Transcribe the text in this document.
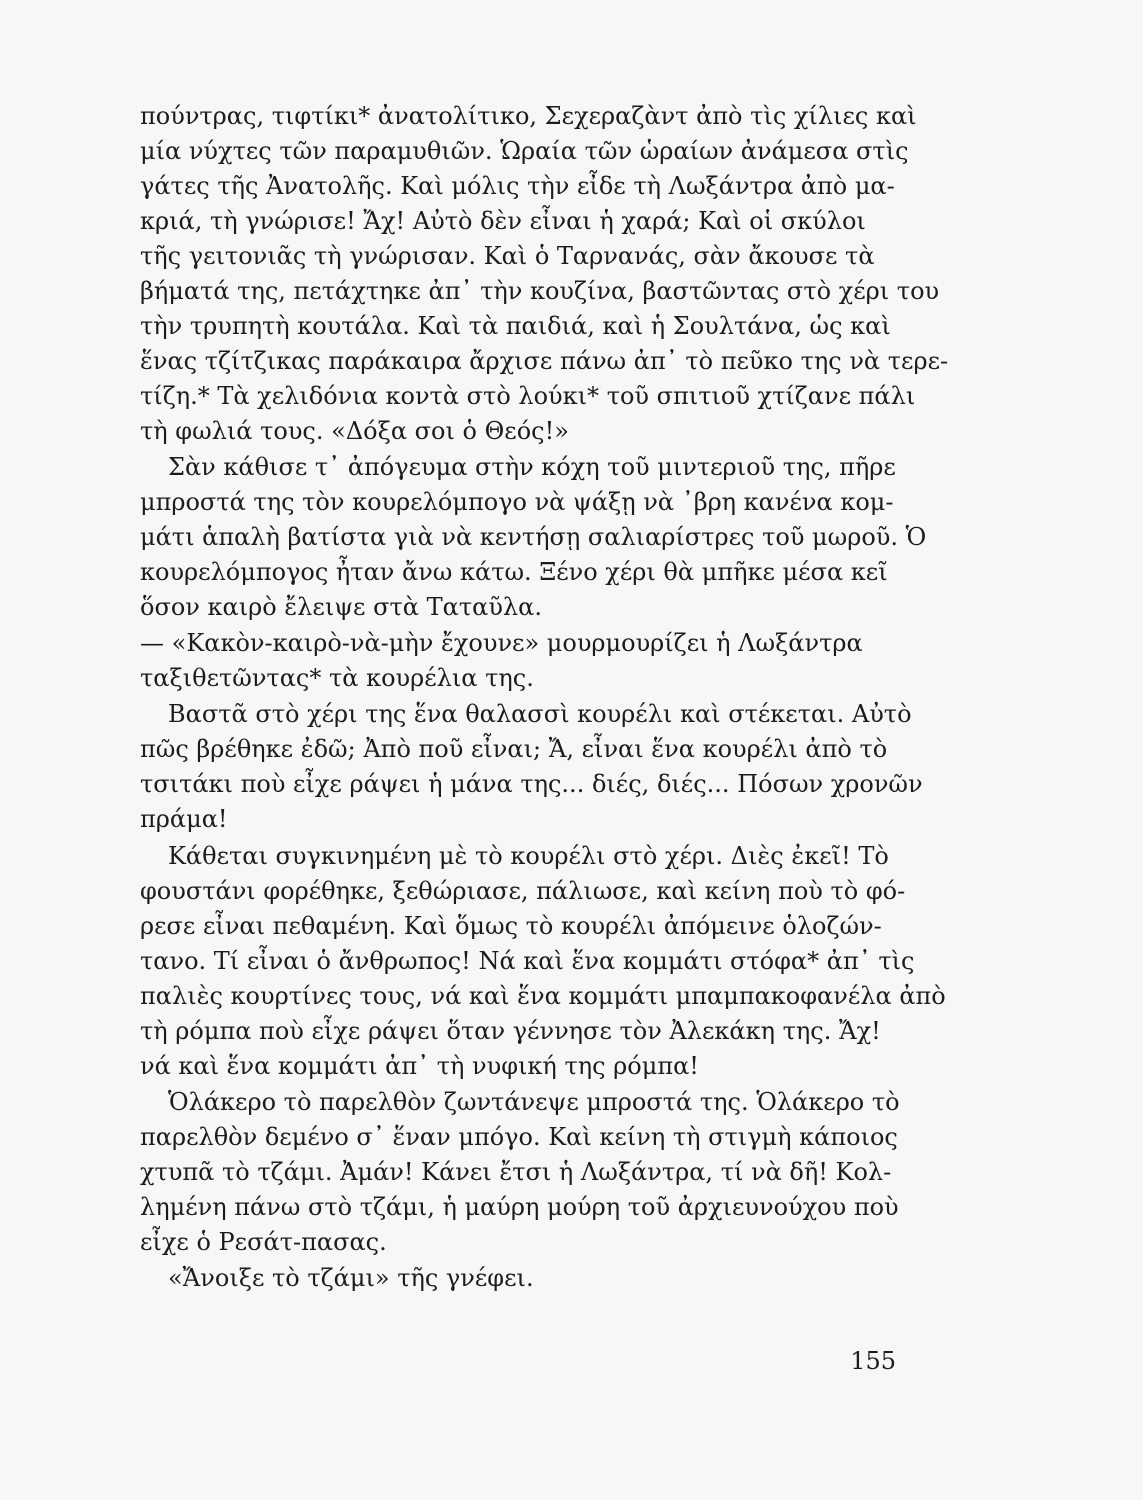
πούντρας, τιφτίκι* ἀνατολίτικο, Σεχεραζὰντ ἀπὸ τὶς χίλιες καὶ
μία νύχτες τῶν παραμυθιῶν. Ὡραία τῶν ὡραίων ἀνάμεσα στὶς
γάτες τῆς Ἀνατολῆς. Καὶ μόλις τὴν εἶδε τὴ Λωξάντρα ἀπὸ μα-
κριά, τὴ γνώρισε! Ἄχ! Αὐτὸ δὲν εἶναι ἡ χαρά; Καὶ οἱ σκύλοι
τῆς γειτονιᾶς τὴ γνώρισαν. Καὶ ὁ Ταρνανάς, σὰν ἄκουσε τὰ
βήματά της, πετάχτηκε ἀπ᾿ τὴν κουζίνα, βαστῶντας στὸ χέρι του
τὴν τρυπητὴ κουτάλα. Καὶ τὰ παιδιά, καὶ ἡ Σουλτάνα, ὡς καὶ
ἕνας τζίτζικας παράκαιρα ἄρχισε πάνω ἀπ᾿ τὸ πεῦκο της νὰ τερε-
τίζη.* Τὰ χελιδόνια κοντὰ στὸ λούκι* τοῦ σπιτιοῦ χτίζανε πάλι
τὴ φωλιά τους. «Δόξα σοι ὁ Θεός!»
Σὰν κάθισε τ᾿ ἀπόγευμα στὴν κόχη τοῦ μιντεριοῦ της, πῆρε
μπροστά της τὸν κουρελόμπογο νὰ ψάξῃ νὰ ᾿βρη κανένα κομ-
μάτι ἁπαλὴ βατίστα γιὰ νὰ κεντήσῃ σαλιαρίστρες τοῦ μωροῦ. Ὁ
κουρελόμπογος ἦταν ἄνω κάτω. Ξένο χέρι θὰ μπῆκε μέσα κεῖ
ὅσον καιρὸ ἔλειψε στὰ Ταταῦλα.
— «Κακὸν-καιρὸ-νὰ-μὴν ἔχουνε» μουρμουρίζει ἡ Λωξάντρα
ταξιθετῶντας* τὰ κουρέλια της.
Βαστᾶ στὸ χέρι της ἕνα θαλασσὶ κουρέλι καὶ στέκεται. Αὐτὸ
πῶς βρέθηκε ἐδῶ; Ἀπὸ ποῦ εἶναι; Ἄ, εἶναι ἕνα κουρέλι ἀπὸ τὸ
τσιτάκι ποὺ εἶχε ράψει ἡ μάνα της... διές, διές... Πόσων χρονῶν
πράμα!
Κάθεται συγκινημένη μὲ τὸ κουρέλι στὸ χέρι. Διὲς ἐκεῖ! Τὸ
φουστάνι φορέθηκε, ξεθώριασε, πάλιωσε, καὶ κείνη ποὺ τὸ φό-
ρεσε εἶναι πεθαμένη. Καὶ ὅμως τὸ κουρέλι ἀπόμεινε ὁλοζών-
τανο. Τί εἶναι ὁ ἄνθρωπος! Νά καὶ ἕνα κομμάτι στόφα* ἀπ᾿ τὶς
παλιὲς κουρτίνες τους, νά καὶ ἕνα κομμάτι μπαμπακοφανέλα ἀπὸ
τὴ ρόμπα ποὺ εἶχε ράψει ὅταν γέννησε τὸν Ἀλεκάκη της. Ἄχ!
νά καὶ ἕνα κομμάτι ἀπ᾿ τὴ νυφική της ρόμπα!
Ὁλάκερο τὸ παρελθὸν ζωντάνεψε μπροστά της. Ὁλάκερο τὸ
παρελθὸν δεμένο σ᾿ ἕναν μπόγο. Καὶ κείνη τὴ στιγμὴ κάποιος
χτυπᾶ τὸ τζάμι. Ἀμάν! Κάνει ἔτσι ἡ Λωξάντρα, τί νὰ δῆ! Κολ-
λημένη πάνω στὸ τζάμι, ἡ μαύρη μούρη τοῦ ἀρχιευνούχου ποὺ
εἶχε ὁ Ρεσάτ-πασας.
«Ἄνοιξε τὸ τζάμι» τῆς γνέφει.
155
